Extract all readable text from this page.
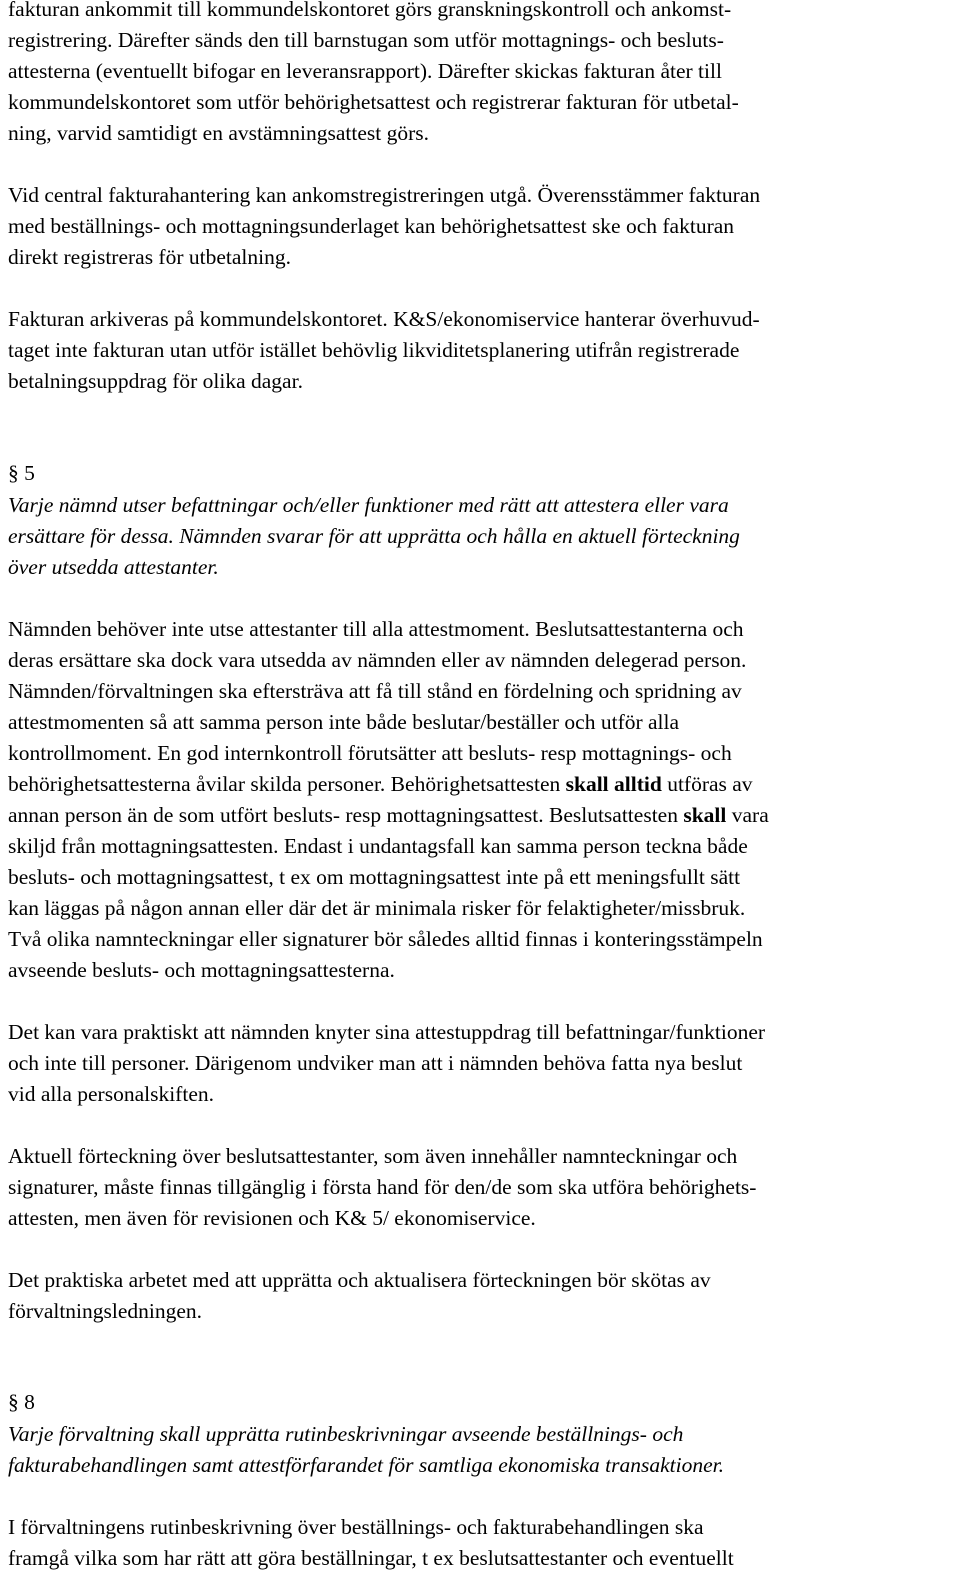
fakturan ankommit till kommundelskontoret görs granskningskontroll och ankomst-
registrering. Därefter sänds den till barnstugan som utför mottagnings- och besluts-
attesterna (eventuellt bifogar en leveransrapport). Därefter skickas fakturan åter till
kommundelskontoret som utför behörighetsattest och registrerar fakturan för utbetal-
ning, varvid samtidigt en avstämningsattest görs.
Vid central fakturahantering kan ankomstregistreringen utgå. Överensstämmer fakturan
med beställnings- och mottagningsunderlaget kan behörighetsattest ske och fakturan
direkt registreras för utbetalning.
Fakturan arkiveras på kommundelskontoret. K&S/ekonomiservice hanterar överhuvud-
taget inte fakturan utan utför istället behövlig likviditetsplanering utifrån registrerade
betalningsuppdrag för olika dagar.
§ 5
Varje nämnd utser befattningar och/eller funktioner med rätt att attestera eller vara
ersättare för dessa. Nämnden svarar för att upprätta och hålla en aktuell förteckning
över utsedda attestanter.
Nämnden behöver inte utse attestanter till alla attestmoment. Beslutsattestanterna och
deras ersättare ska dock vara utsedda av nämnden eller av nämnden delegerad person.
Nämnden/förvaltningen ska eftersträva att få till stånd en fördelning och spridning av
attestmomenten så att samma person inte både beslutar/beställer och utför alla
kontrollmoment. En god internkontroll förutsätter att besluts- resp mottagnings- och
behörighetsattesterna åvilar skilda personer. Behörighetsattesten skall alltid utföras av
annan person än de som utfört besluts- resp mottagningsattest. Beslutsattesten skall vara
skiljd från mottagningsattesten. Endast i undantagsfall kan samma person teckna både
besluts- och mottagningsattest, t ex om mottagningsattest inte på ett meningsfullt sätt
kan läggas på någon annan eller där det är minimala risker för felaktigheter/missbruk.
Två olika namnteckningar eller signaturer bör således alltid finnas i konteringsstämpeln
avseende besluts- och mottagningsattesterna.
Det kan vara praktiskt att nämnden knyter sina attestuppdrag till befattningar/funktioner
och inte till personer. Därigenom undviker man att i nämnden behöva fatta nya beslut
vid alla personalskiften.
Aktuell förteckning över beslutsattestanter, som även innehåller namnteckningar och
signaturer, måste finnas tillgänglig i första hand för den/de som ska utföra behörighets-
attesten, men även för revisionen och K& 5/ ekonomiservice.
Det praktiska arbetet med att upprätta och aktualisera förteckningen bör skötas av
förvaltningsledningen.
§ 8
Varje förvaltning skall upprätta rutinbeskrivningar avseende beställnings- och
fakturabehandlingen samt attestförfarandet för samtliga ekonomiska transaktioner.
I förvaltningens rutinbeskrivning över beställnings- och fakturabehandlingen ska
framgå vilka som har rätt att göra beställningar, t ex beslutsattestanter och eventuellt
